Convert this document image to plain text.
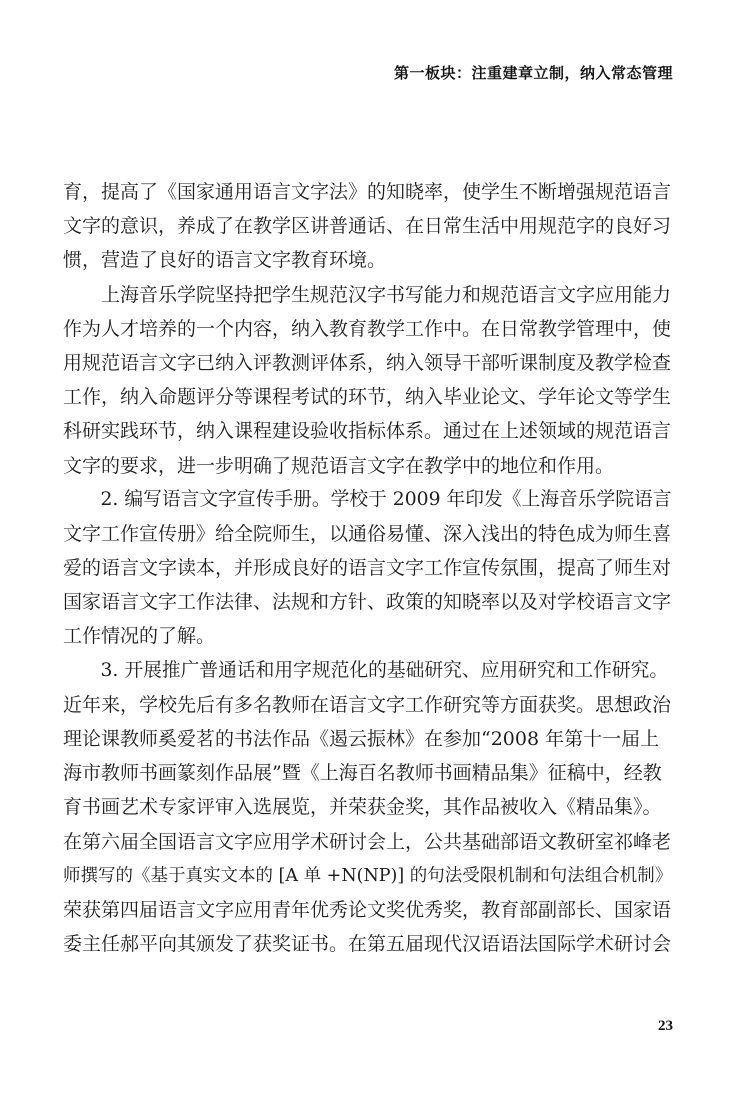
第一板块：注重建章立制，纳入常态管理
育，提高了《国家通用语言文字法》的知晓率，使学生不断增强规范语言
文字的意识，养成了在教学区讲普通话、在日常生活中用规范字的良好习
惯，营造了良好的语言文字教育环境。
　　上海音乐学院坚持把学生规范汉字书写能力和规范语言文字应用能力
作为人才培养的一个内容，纳入教育教学工作中。在日常教学管理中，使
用规范语言文字已纳入评教测评体系，纳入领导干部听课制度及教学检查
工作，纳入命题评分等课程考试的环节，纳入毕业论文、学年论文等学生
科研实践环节，纳入课程建设验收指标体系。通过在上述领域的规范语言
文字的要求，进一步明确了规范语言文字在教学中的地位和作用。
　　2. 编写语言文字宣传手册。学校于 2009 年印发《上海音乐学院语言
文字工作宣传册》给全院师生，以通俗易懂、深入浅出的特色成为师生喜
爱的语言文字读本，并形成良好的语言文字工作宣传氛围，提高了师生对
国家语言文字工作法律、法规和方针、政策的知晓率以及对学校语言文字
工作情况的了解。
　　3. 开展推广普通话和用字规范化的基础研究、应用研究和工作研究。
近年来，学校先后有多名教师在语言文字工作研究等方面获奖。思想政治
理论课教师奚爱茗的书法作品《遏云振林》在参加“2008 年第十一届上
海市教师书画篆刻作品展”暨《上海百名教师书画精品集》征稿中，经教
育书画艺术专家评审入选展览，并荣获金奖，其作品被收入《精品集》。
在第六届全国语言文字应用学术研讨会上，公共基础部语文教研室祁峰老
师撰写的《基于真实文本的 [A 单 +N(NP)] 的句法受限机制和句法组合机制》
荣获第四届语言文字应用青年优秀论文奖优秀奖，教育部副部长、国家语
委主任郝平向其颁发了获奖证书。在第五届现代汉语语法国际学术研讨会
23
